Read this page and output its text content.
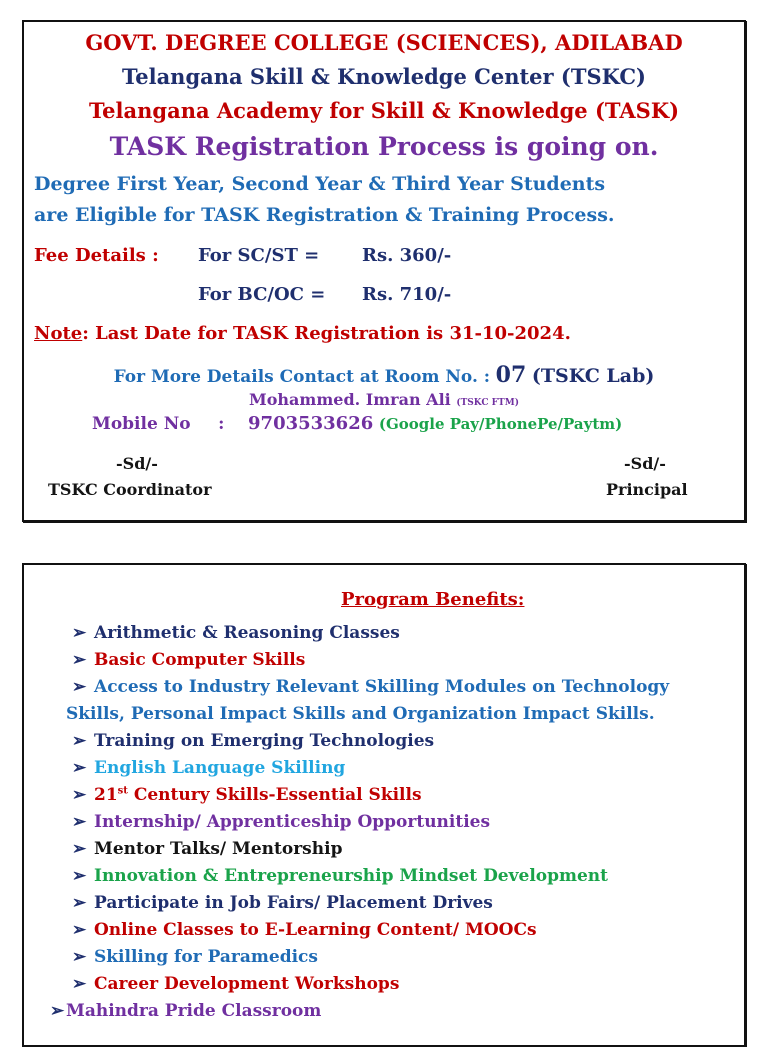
GOVT. DEGREE COLLEGE (SCIENCES), ADILABAD
Telangana Skill & Knowledge Center (TSKC)
Telangana Academy for Skill & Knowledge (TASK)
TASK Registration Process is going on.
Degree First Year, Second Year & Third Year Students
are Eligible for TASK Registration & Training Process.
Fee Details : For SC/ST = Rs. 360/-
For BC/OC = Rs. 710/-
Note: Last Date for TASK Registration is 31-10-2024.
For More Details Contact at Room No. : 07 (TSKC Lab)
Mohammed. Imran Ali (TSKC FTM)
Mobile No : 9703533626 (Google Pay/PhonePe/Paytm)
-Sd/-
TSKC Coordinator
-Sd/-
Principal
Program Benefits:
➢ Arithmetic & Reasoning Classes
➢ Basic Computer Skills
➢ Access to Industry Relevant Skilling Modules on Technology
Skills, Personal Impact Skills and Organization Impact Skills.
➢ Training on Emerging Technologies
➢ English Language Skilling
➢ 21st Century Skills-Essential Skills
➢ Internship/ Apprenticeship Opportunities
➢ Mentor Talks/ Mentorship
➢ Innovation & Entrepreneurship Mindset Development
➢ Participate in Job Fairs/ Placement Drives
➢ Online Classes to E-Learning Content/ MOOCs
➢ Skilling for Paramedics
➢ Career Development Workshops
➢ Mahindra Pride Classroom
